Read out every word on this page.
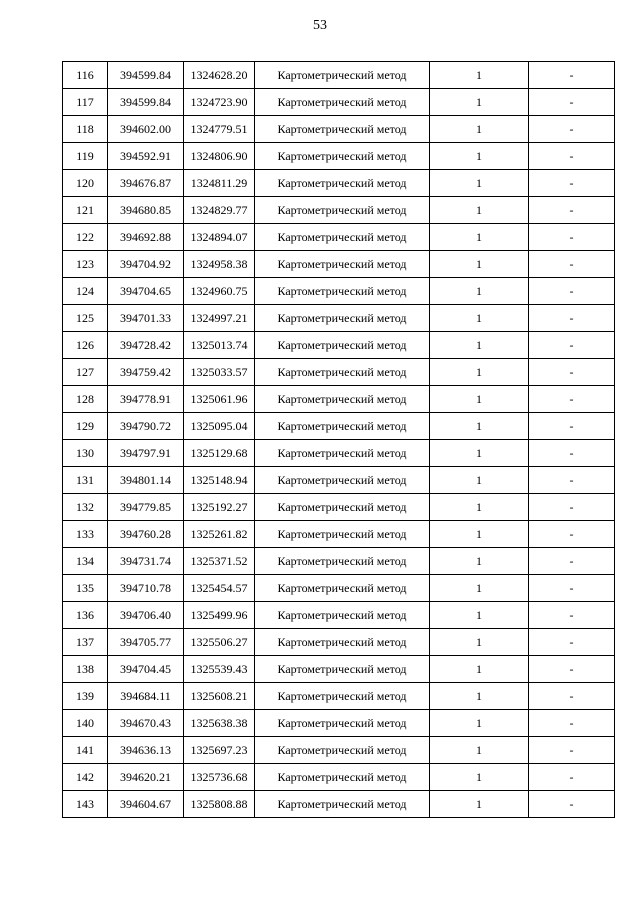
53
116	394599.84	1324628.20	Картометрический метод	1	-
117	394599.84	1324723.90	Картометрический метод	1	-
118	394602.00	1324779.51	Картометрический метод	1	-
119	394592.91	1324806.90	Картометрический метод	1	-
120	394676.87	1324811.29	Картометрический метод	1	-
121	394680.85	1324829.77	Картометрический метод	1	-
122	394692.88	1324894.07	Картометрический метод	1	-
123	394704.92	1324958.38	Картометрический метод	1	-
124	394704.65	1324960.75	Картометрический метод	1	-
125	394701.33	1324997.21	Картометрический метод	1	-
126	394728.42	1325013.74	Картометрический метод	1	-
127	394759.42	1325033.57	Картометрический метод	1	-
128	394778.91	1325061.96	Картометрический метод	1	-
129	394790.72	1325095.04	Картометрический метод	1	-
130	394797.91	1325129.68	Картометрический метод	1	-
131	394801.14	1325148.94	Картометрический метод	1	-
132	394779.85	1325192.27	Картометрический метод	1	-
133	394760.28	1325261.82	Картометрический метод	1	-
134	394731.74	1325371.52	Картометрический метод	1	-
135	394710.78	1325454.57	Картометрический метод	1	-
136	394706.40	1325499.96	Картометрический метод	1	-
137	394705.77	1325506.27	Картометрический метод	1	-
138	394704.45	1325539.43	Картометрический метод	1	-
139	394684.11	1325608.21	Картометрический метод	1	-
140	394670.43	1325638.38	Картометрический метод	1	-
141	394636.13	1325697.23	Картометрический метод	1	-
142	394620.21	1325736.68	Картометрический метод	1	-
143	394604.67	1325808.88	Картометрический метод	1	-
